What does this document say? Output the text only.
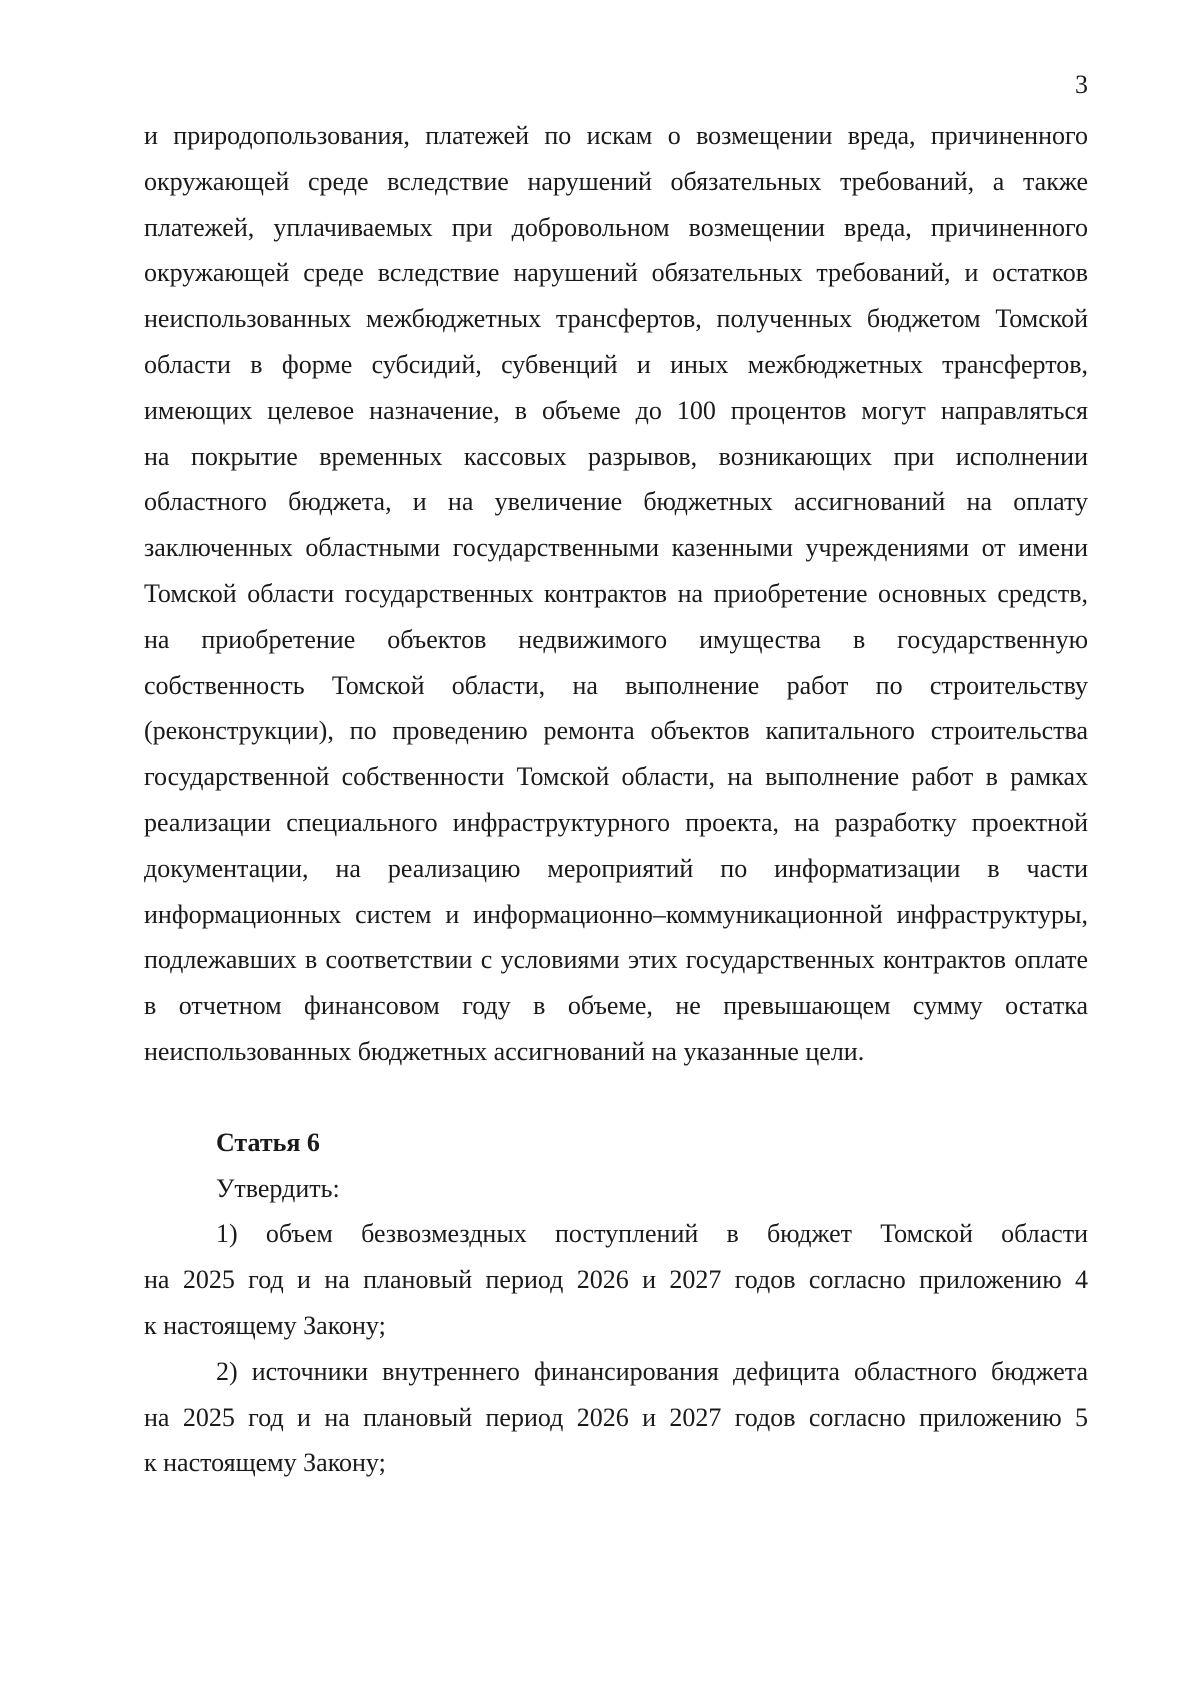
3
и природопользования, платежей по искам о возмещении вреда, причиненного
окружающей среде вследствие нарушений обязательных требований, а также
платежей, уплачиваемых при добровольном возмещении вреда, причиненного
окружающей среде вследствие нарушений обязательных требований, и остатков
неиспользованных межбюджетных трансфертов, полученных бюджетом Томской
области в форме субсидий, субвенций и иных межбюджетных трансфертов,
имеющих целевое назначение, в объеме до 100 процентов могут направляться
на покрытие временных кассовых разрывов, возникающих при исполнении
областного бюджета, и на увеличение бюджетных ассигнований на оплату
заключенных областными государственными казенными учреждениями от имени
Томской области государственных контрактов на приобретение основных средств,
на приобретение объектов недвижимого имущества в государственную
собственность Томской области, на выполнение работ по строительству
(реконструкции), по проведению ремонта объектов капитального строительства
государственной собственности Томской области, на выполнение работ в рамках
реализации специального инфраструктурного проекта, на разработку проектной
документации, на реализацию мероприятий по информатизации в части
информационных систем и информационно–коммуникационной инфраструктуры,
подлежавших в соответствии с условиями этих государственных контрактов оплате
в отчетном финансовом году в объеме, не превышающем сумму остатка
неиспользованных бюджетных ассигнований на указанные цели.
Статья 6
Утвердить:
1) объем безвозмездных поступлений в бюджет Томской области
на 2025 год и на плановый период 2026 и 2027 годов согласно приложению 4
к настоящему Закону;
2) источники внутреннего финансирования дефицита областного бюджета
на 2025 год и на плановый период 2026 и 2027 годов согласно приложению 5
к настоящему Закону;
